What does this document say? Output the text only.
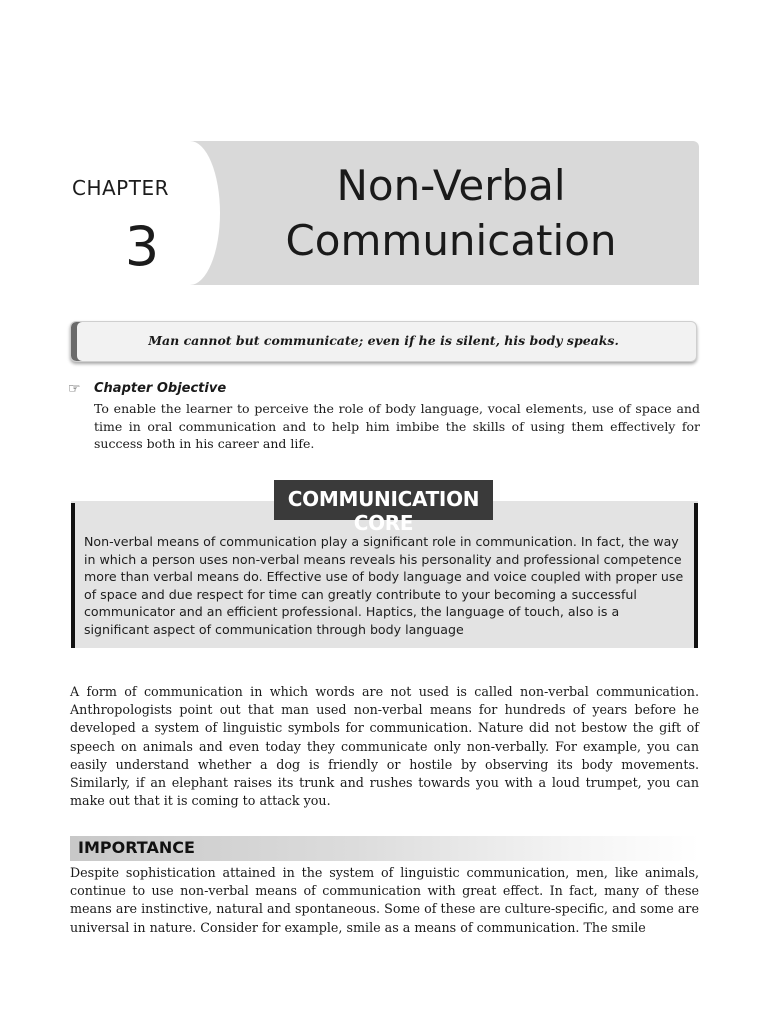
CHAPTER
3
Non-Verbal
Communication
Man cannot but communicate; even if he is silent, his body speaks.
☞	Chapter Objective
To enable the learner to perceive the role of body language, vocal elements, use of space and time in oral communication and to help him imbibe the skills of using them effectively for success both in his career and life.
COMMUNICATION CORE
Non-verbal means of communication play a significant role in communication. In fact, the way in which a person uses non-verbal means reveals his personality and professional competence more than verbal means do. Effective use of body language and voice coupled with proper use of space and due respect for time can greatly contribute to your becoming a successful communicator and an efficient professional. Haptics, the language of touch, also is a significant aspect of communication through body language
A form of communication in which words are not used is called non-verbal communication. Anthropologists point out that man used non-verbal means for hundreds of years before he developed a system of linguistic symbols for communication. Nature did not bestow the gift of speech on animals and even today they communicate only non-verbally. For example, you can easily understand whether a dog is friendly or hostile by observing its body movements. Similarly, if an elephant raises its trunk and rushes towards you with a loud trumpet, you can make out that it is coming to attack you.
IMPORTANCE
Despite sophistication attained in the system of linguistic communication, men, like animals, continue to use non-verbal means of communication with great effect. In fact, many of these means are instinctive, natural and spontaneous. Some of these are culture-specific, and some are universal in nature. Consider for example, smile as a means of communication. The smile
